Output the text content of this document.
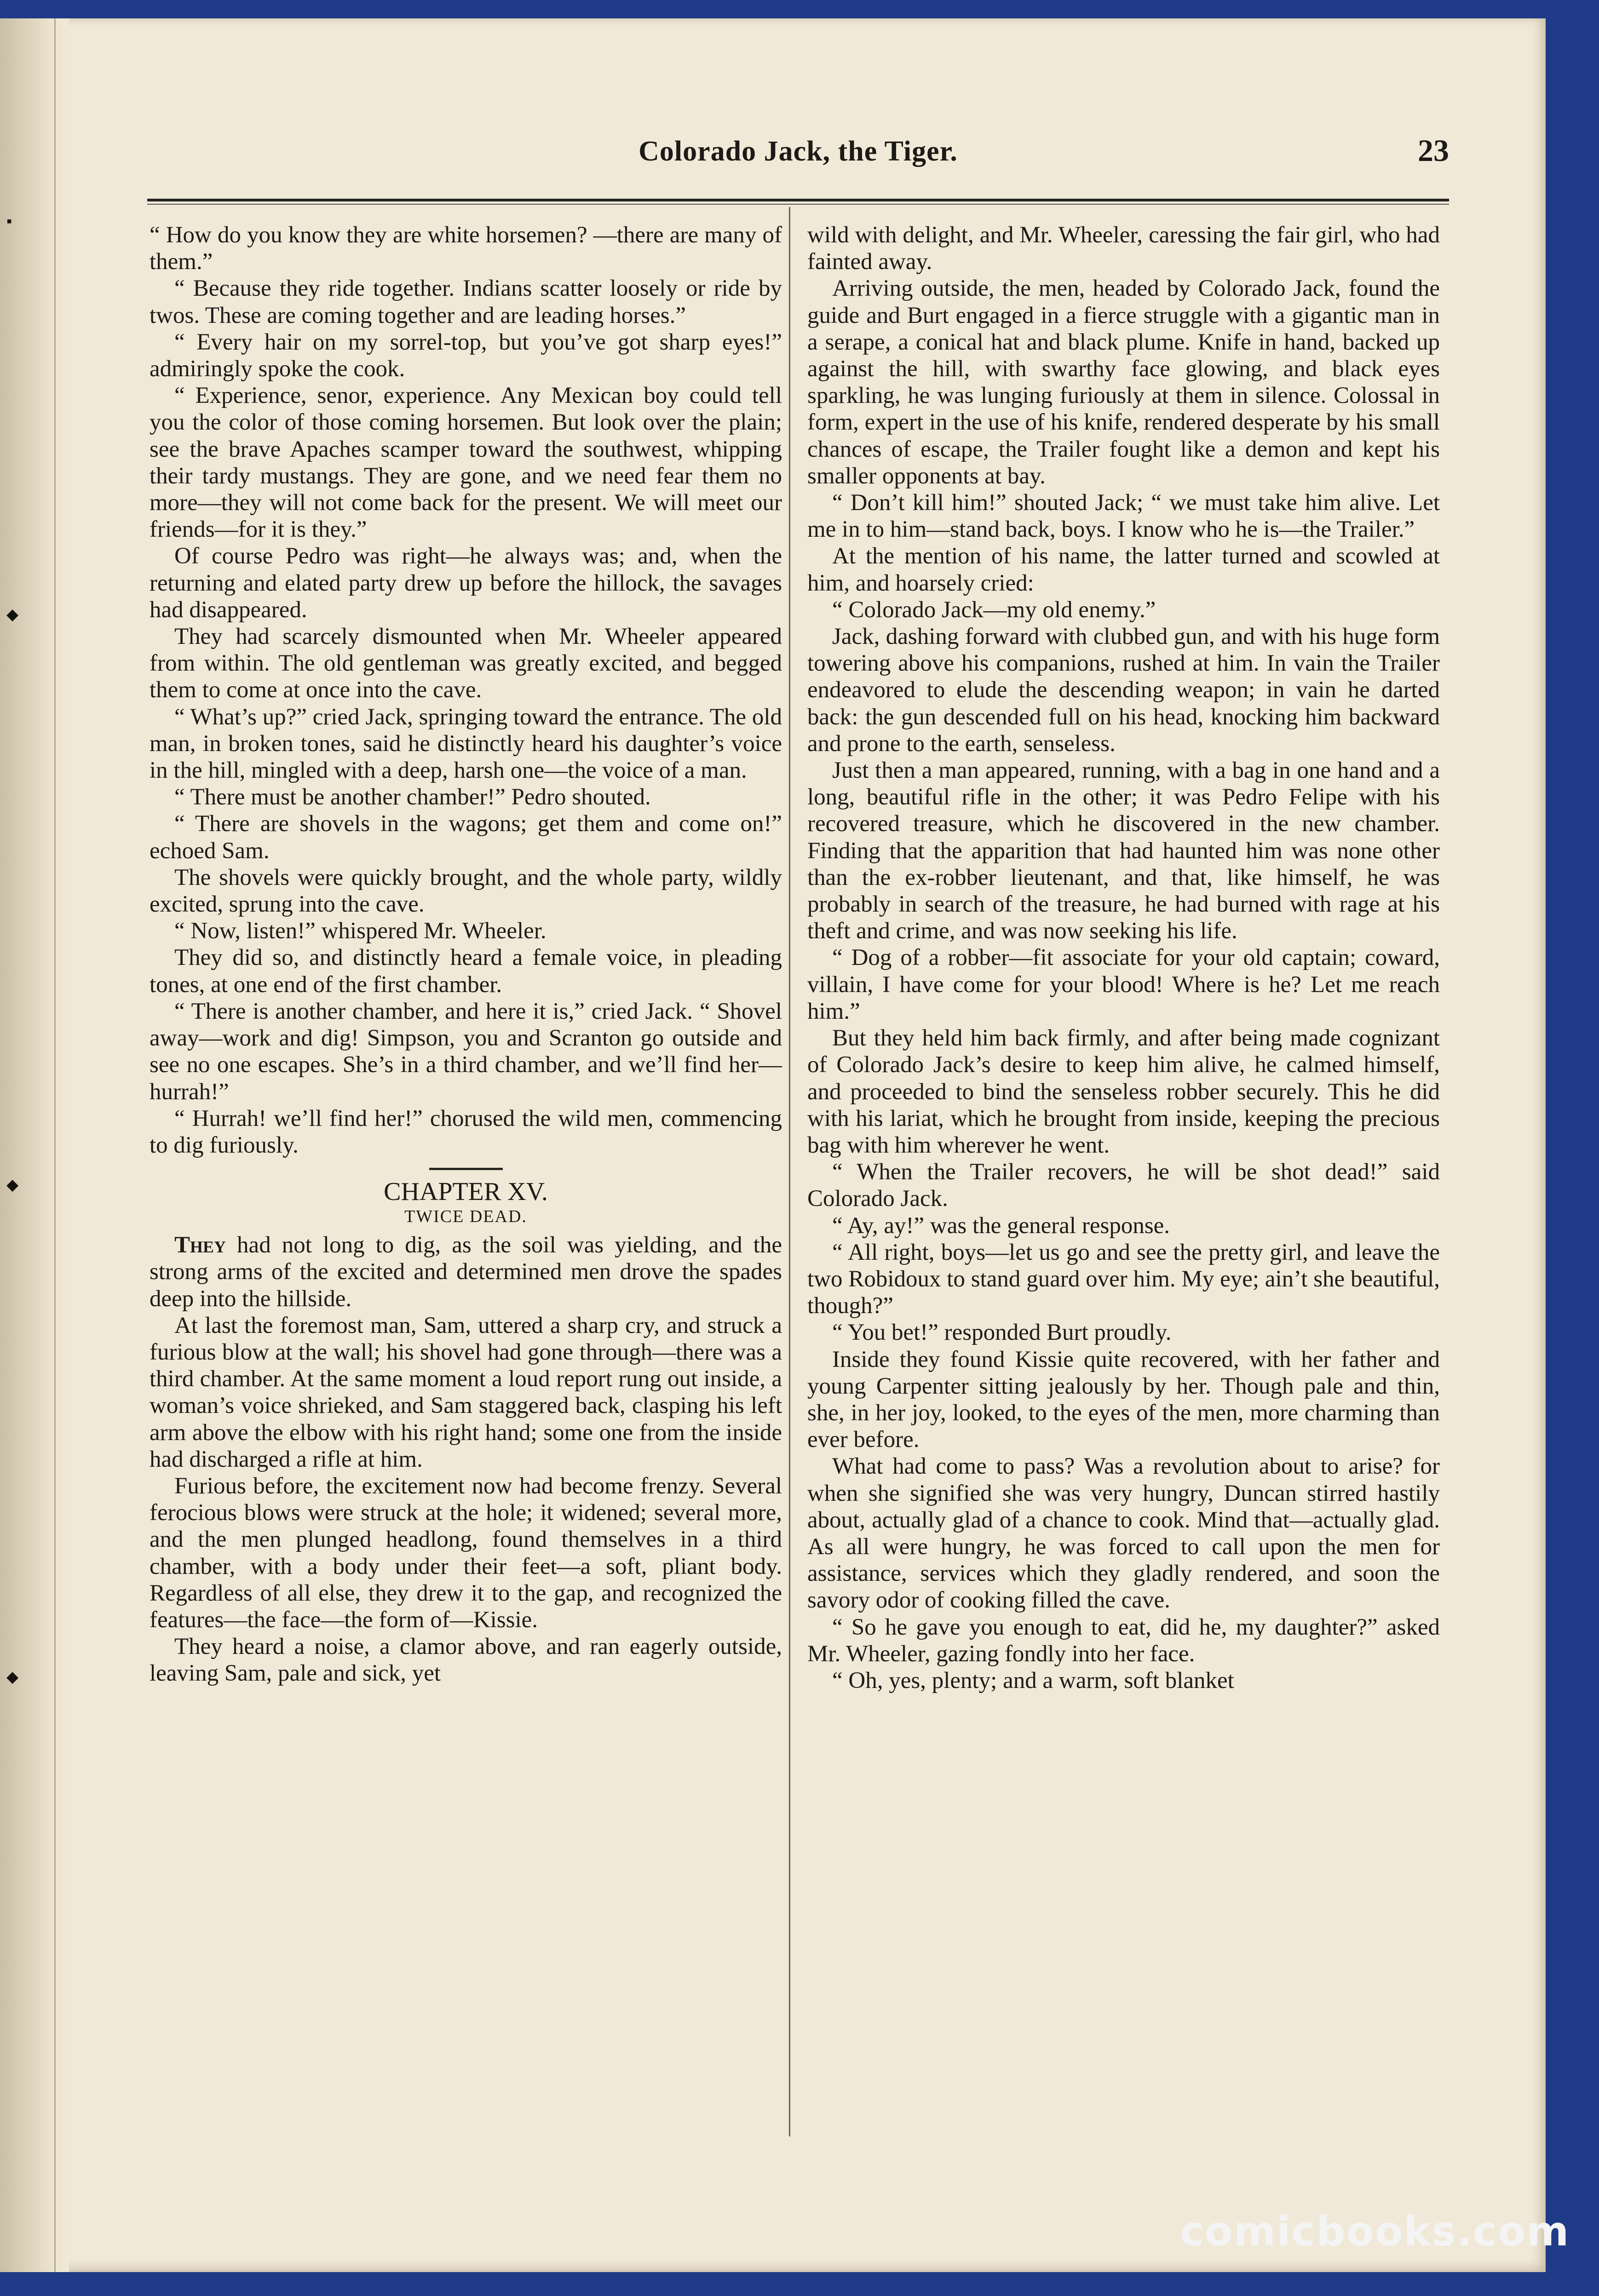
▪
◆
◆
◆
Colorado Jack, the Tiger.	23

“ How do you know they are white horsemen? —there are many of them.”

“ Because they ride together. Indians scatter loosely or ride by twos. These are coming together and are leading horses.”

“ Every hair on my sorrel-top, but you’ve got sharp eyes!” admiringly spoke the cook.

“ Experience, senor, experience. Any Mexican boy could tell you the color of those coming horsemen. But look over the plain; see the brave Apaches scamper toward the southwest, whipping their tardy mustangs. They are gone, and we need fear them no more—they will not come back for the present. We will meet our friends—for it is they.”

Of course Pedro was right—he always was; and, when the returning and elated party drew up before the hillock, the savages had disappeared.

They had scarcely dismounted when Mr. Wheeler appeared from within. The old gentleman was greatly excited, and begged them to come at once into the cave.

“ What’s up?” cried Jack, springing toward the entrance. The old man, in broken tones, said he distinctly heard his daughter’s voice in the hill, mingled with a deep, harsh one—the voice of a man.

“ There must be another chamber!” Pedro shouted.

“ There are shovels in the wagons; get them and come on!” echoed Sam.

The shovels were quickly brought, and the whole party, wildly excited, sprung into the cave.

“ Now, listen!” whispered Mr. Wheeler.

They did so, and distinctly heard a female voice, in pleading tones, at one end of the first chamber.

“ There is another chamber, and here it is,” cried Jack. “ Shovel away—work and dig! Simpson, you and Scranton go outside and see no one escapes. She’s in a third chamber, and we’ll find her—hurrah!”

“ Hurrah! we’ll find her!” chorused the wild men, commencing to dig furiously.

CHAPTER XV.

TWICE DEAD.

They had not long to dig, as the soil was yielding, and the strong arms of the excited and determined men drove the spades deep into the hillside.

At last the foremost man, Sam, uttered a sharp cry, and struck a furious blow at the wall; his shovel had gone through—there was a third chamber. At the same moment a loud report rung out inside, a woman’s voice shrieked, and Sam staggered back, clasping his left arm above the elbow with his right hand; some one from the inside had discharged a rifle at him.

Furious before, the excitement now had become frenzy. Several ferocious blows were struck at the hole; it widened; several more, and the men plunged headlong, found themselves in a third chamber, with a body under their feet—a soft, pliant body. Regardless of all else, they drew it to the gap, and recognized the features—the face—the form of—Kissie.

They heard a noise, a clamor above, and ran eagerly outside, leaving Sam, pale and sick, yet

wild with delight, and Mr. Wheeler, caressing the fair girl, who had fainted away.

Arriving outside, the men, headed by Colorado Jack, found the guide and Burt engaged in a fierce struggle with a gigantic man in a serape, a conical hat and black plume. Knife in hand, backed up against the hill, with swarthy face glowing, and black eyes sparkling, he was lunging furiously at them in silence. Colossal in form, expert in the use of his knife, rendered desperate by his small chances of escape, the Trailer fought like a demon and kept his smaller opponents at bay.

“ Don’t kill him!” shouted Jack; “ we must take him alive. Let me in to him—stand back, boys. I know who he is—the Trailer.”

At the mention of his name, the latter turned and scowled at him, and hoarsely cried:

“ Colorado Jack—my old enemy.”

Jack, dashing forward with clubbed gun, and with his huge form towering above his companions, rushed at him. In vain the Trailer endeavored to elude the descending weapon; in vain he darted back: the gun descended full on his head, knocking him backward and prone to the earth, senseless.

Just then a man appeared, running, with a bag in one hand and a long, beautiful rifle in the other; it was Pedro Felipe with his recovered treasure, which he discovered in the new chamber. Finding that the apparition that had haunted him was none other than the ex-robber lieutenant, and that, like himself, he was probably in search of the treasure, he had burned with rage at his theft and crime, and was now seeking his life.

“ Dog of a robber—fit associate for your old captain; coward, villain, I have come for your blood! Where is he? Let me reach him.”

But they held him back firmly, and after being made cognizant of Colorado Jack’s desire to keep him alive, he calmed himself, and proceeded to bind the senseless robber securely. This he did with his lariat, which he brought from inside, keeping the precious bag with him wherever he went.

“ When the Trailer recovers, he will be shot dead!” said Colorado Jack.

“ Ay, ay!” was the general response.

“ All right, boys—let us go and see the pretty girl, and leave the two Robidoux to stand guard over him. My eye; ain’t she beautiful, though?”

“ You bet!” responded Burt proudly.

Inside they found Kissie quite recovered, with her father and young Carpenter sitting jealously by her. Though pale and thin, she, in her joy, looked, to the eyes of the men, more charming than ever before.

What had come to pass? Was a revolution about to arise? for when she signified she was very hungry, Duncan stirred hastily about, actually glad of a chance to cook. Mind that—actually glad. As all were hungry, he was forced to call upon the men for assistance, services which they gladly rendered, and soon the savory odor of cooking filled the cave.

“ So he gave you enough to eat, did he, my daughter?” asked Mr. Wheeler, gazing fondly into her face.

“ Oh, yes, plenty; and a warm, soft blanket

comicbooks.com
